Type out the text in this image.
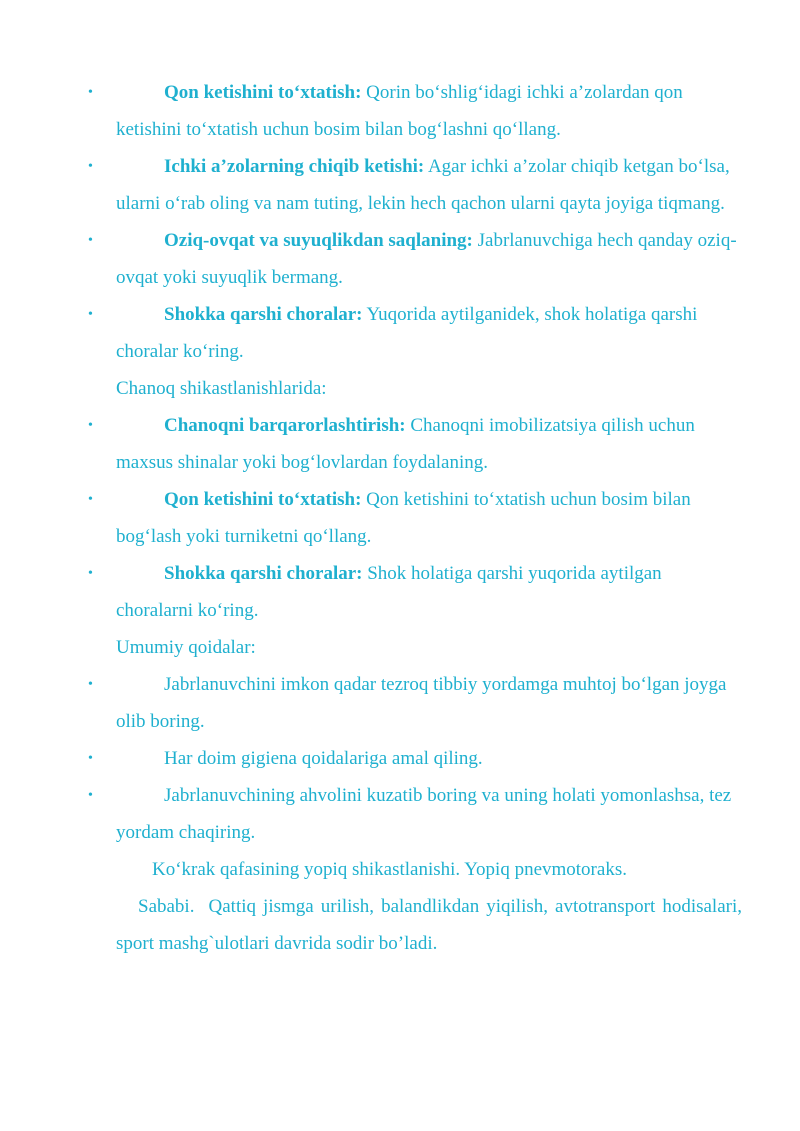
•	Qon ketishini to‘xtatish: Qorin bo‘shlig‘idagi ichki a’zolardan qon ketishini to‘xtatish uchun bosim bilan bog‘lashni qo‘llang.

•	Ichki a’zolarning chiqib ketishi: Agar ichki a’zolar chiqib ketgan bo‘lsa, ularni o‘rab oling va nam tuting, lekin hech qachon ularni qayta joyiga tiqmang.

•	Oziq-ovqat va suyuqlikdan saqlaning: Jabrlanuvchiga hech qanday oziq-ovqat yoki suyuqlik bermang.

•	Shokka qarshi choralar: Yuqorida aytilganidek, shok holatiga qarshi choralar ko‘ring.

Chanoq shikastlanishlarida:

•	Chanoqni barqarorlashtirish: Chanoqni imobilizatsiya qilish uchun maxsus shinalar yoki bog‘lovlardan foydalaning.

•	Qon ketishini to‘xtatish: Qon ketishini to‘xtatish uchun bosim bilan bog‘lash yoki turniketni qo‘llang.

•	Shokka qarshi choralar: Shok holatiga qarshi yuqorida aytilgan choralarni ko‘ring.

Umumiy qoidalar:

•	Jabrlanuvchini imkon qadar tezroq tibbiy yordamga muhtoj bo‘lgan joyga olib boring.

•	Har doim gigiena qoidalariga amal qiling.

•	Jabrlanuvchining ahvolini kuzatib boring va uning holati yomonlashsa, tez yordam chaqiring.

Ko‘krak qafasining yopiq shikastlanishi. Yopiq pnevmotoraks.

Sababi. Qattiq jismga urilish, balandlikdan yiqilish, avtotransport hodisalari, sport mashg`ulotlari davrida sodir bo’ladi.
